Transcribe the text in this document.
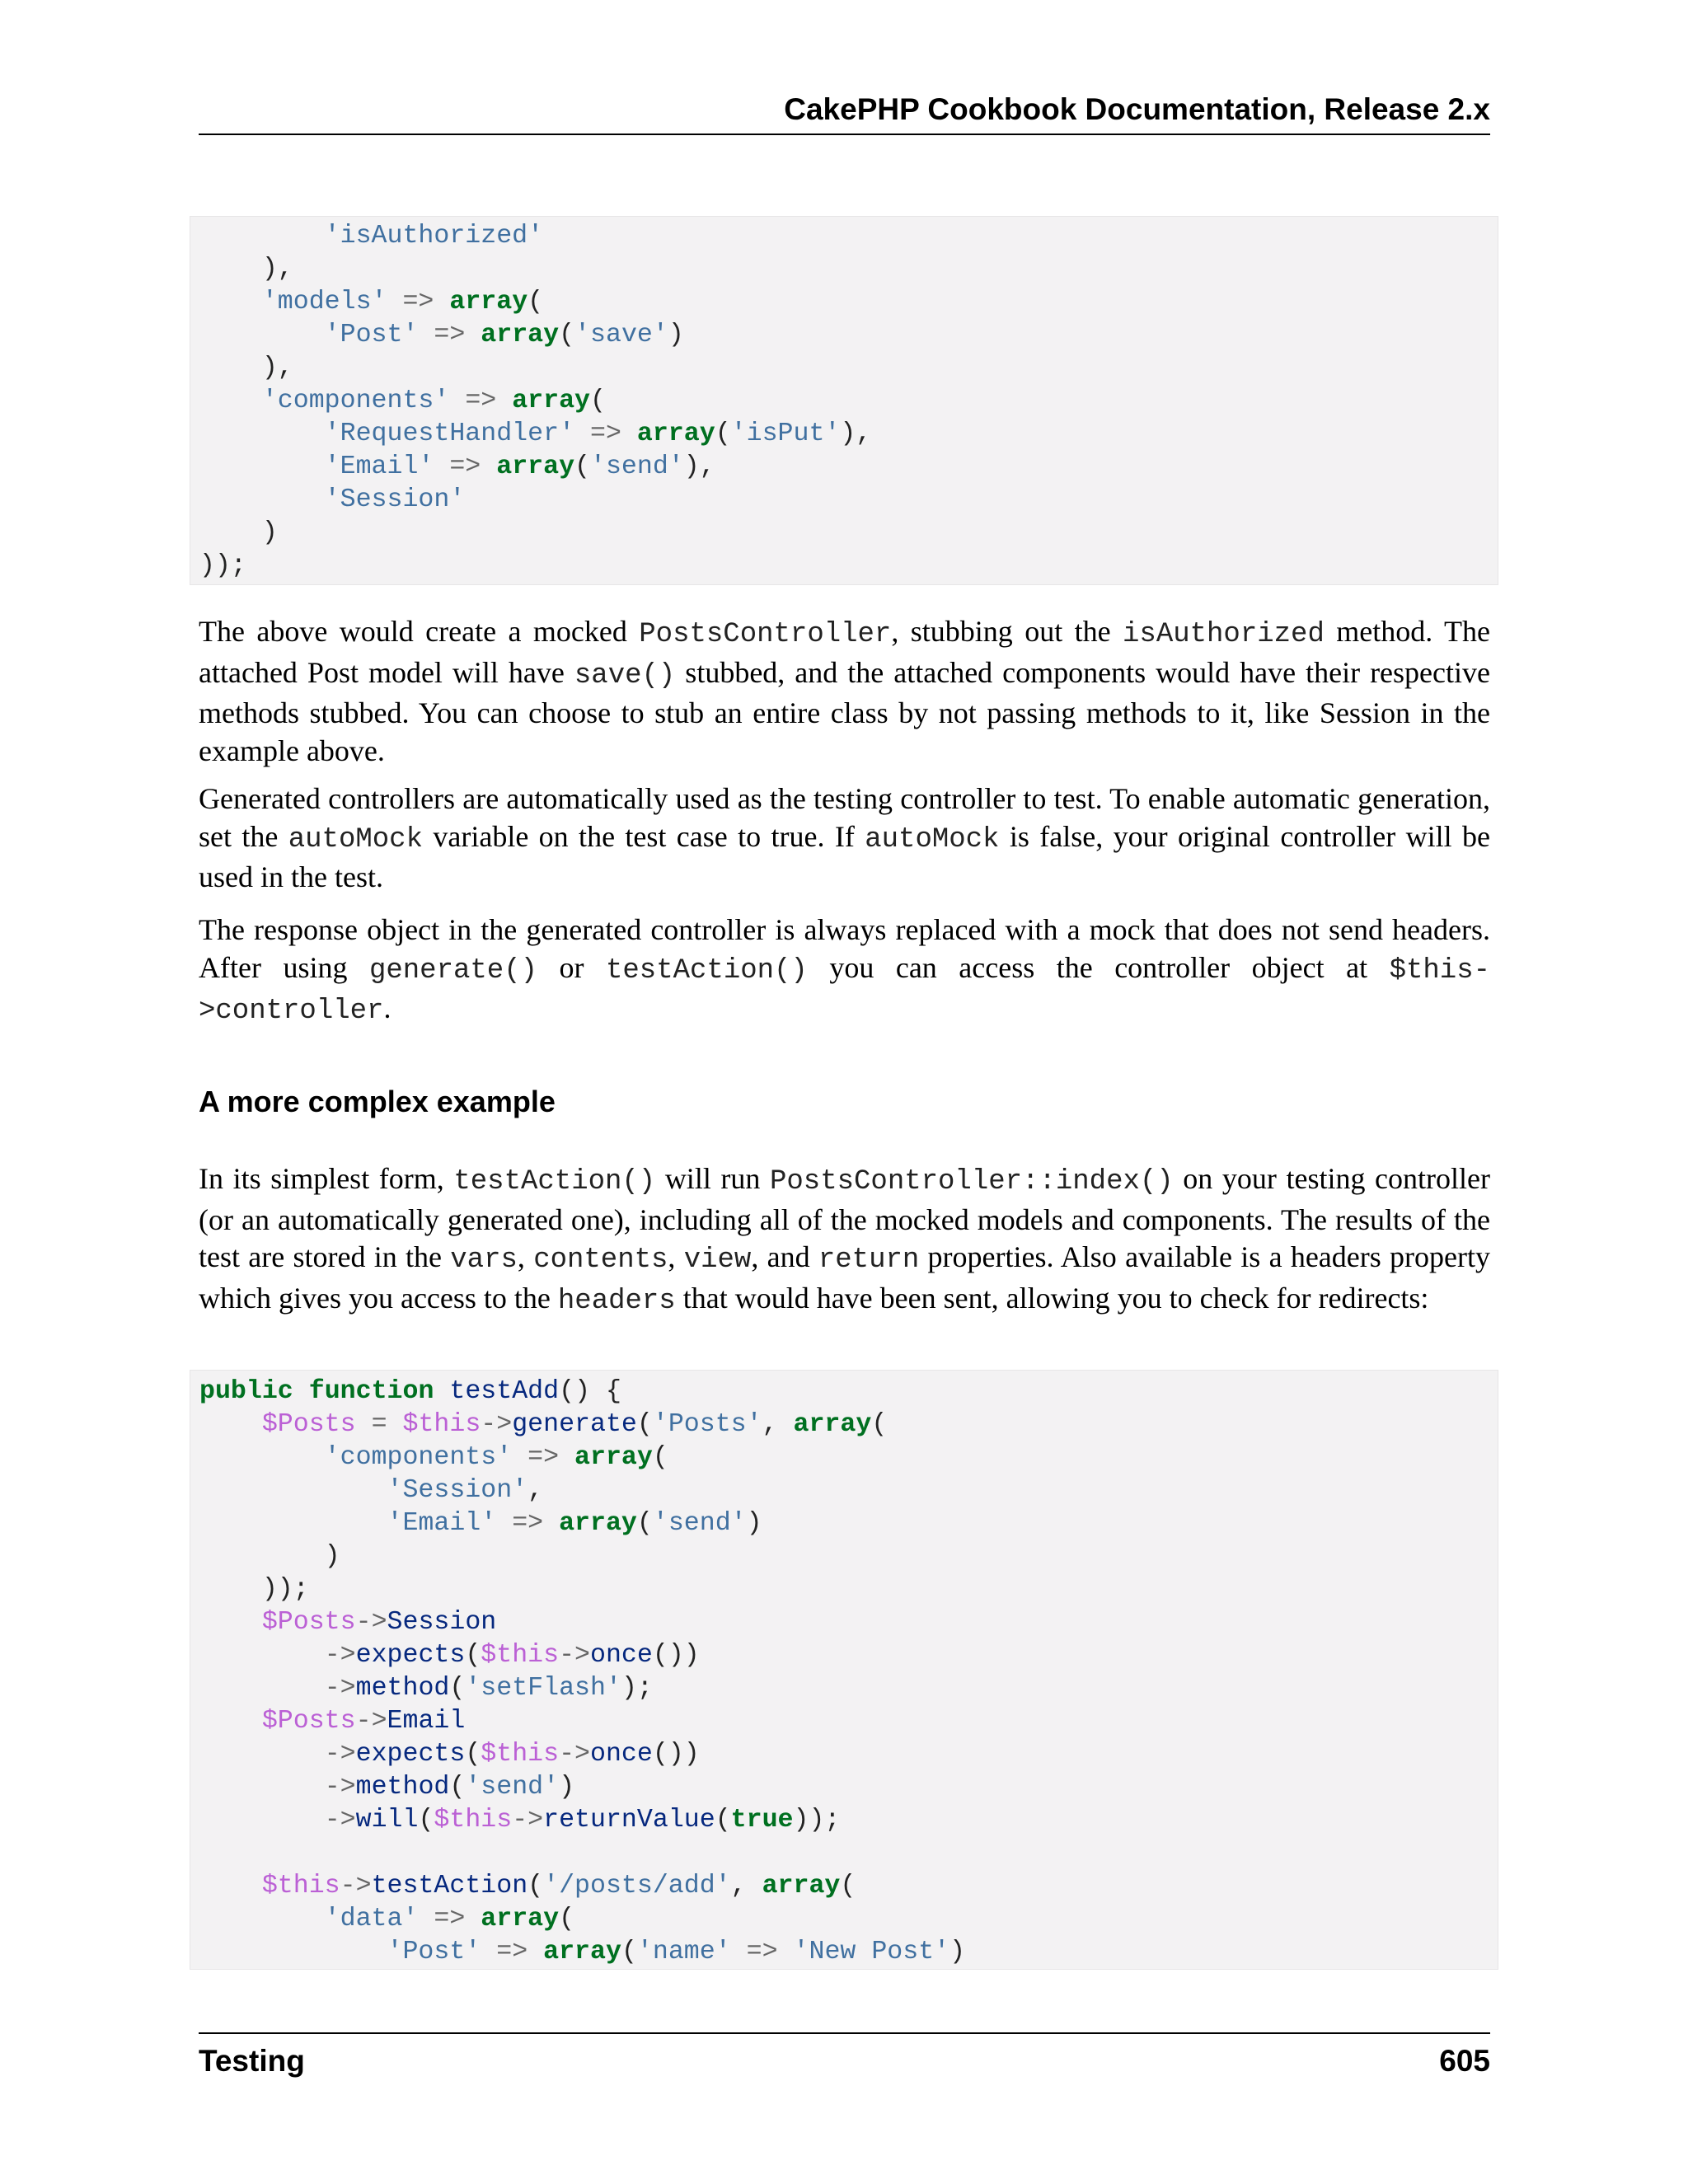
CakePHP Cookbook Documentation, Release 2.x
'isAuthorized'
),
'models' => array(
'Post' => array('save')
),
'components' => array(
'RequestHandler' => array('isPut'),
'Email' => array('send'),
'Session'
)
));

The above would create a mocked PostsController, stubbing out the isAuthorized method. The attached Post model will have save() stubbed, and the attached components would have their respective methods stubbed. You can choose to stub an entire class by not passing methods to it, like Session in the example above.

Generated controllers are automatically used as the testing controller to test. To enable automatic generation, set the autoMock variable on the test case to true. If autoMock is false, your original controller will be used in the test.

The response object in the generated controller is always replaced with a mock that does not send headers. After using generate() or testAction() you can access the controller object at $this->controller.

A more complex example

In its simplest form, testAction() will run PostsController::index() on your testing controller (or an automatically generated one), including all of the mocked models and components. The results of the test are stored in the vars, contents, view, and return properties. Also available is a headers property which gives you access to the headers that would have been sent, allowing you to check for redirects:

public function testAdd() {
$Posts = $this->generate('Posts', array(
'components' => array(
'Session',
'Email' => array('send')
)
));
$Posts->Session
->expects($this->once())
->method('setFlash');
$Posts->Email
->expects($this->once())
->method('send')
->will($this->returnValue(true));

$this->testAction('/posts/add', array(
'data' => array(
'Post' => array('name' => 'New Post')
Testing	605
